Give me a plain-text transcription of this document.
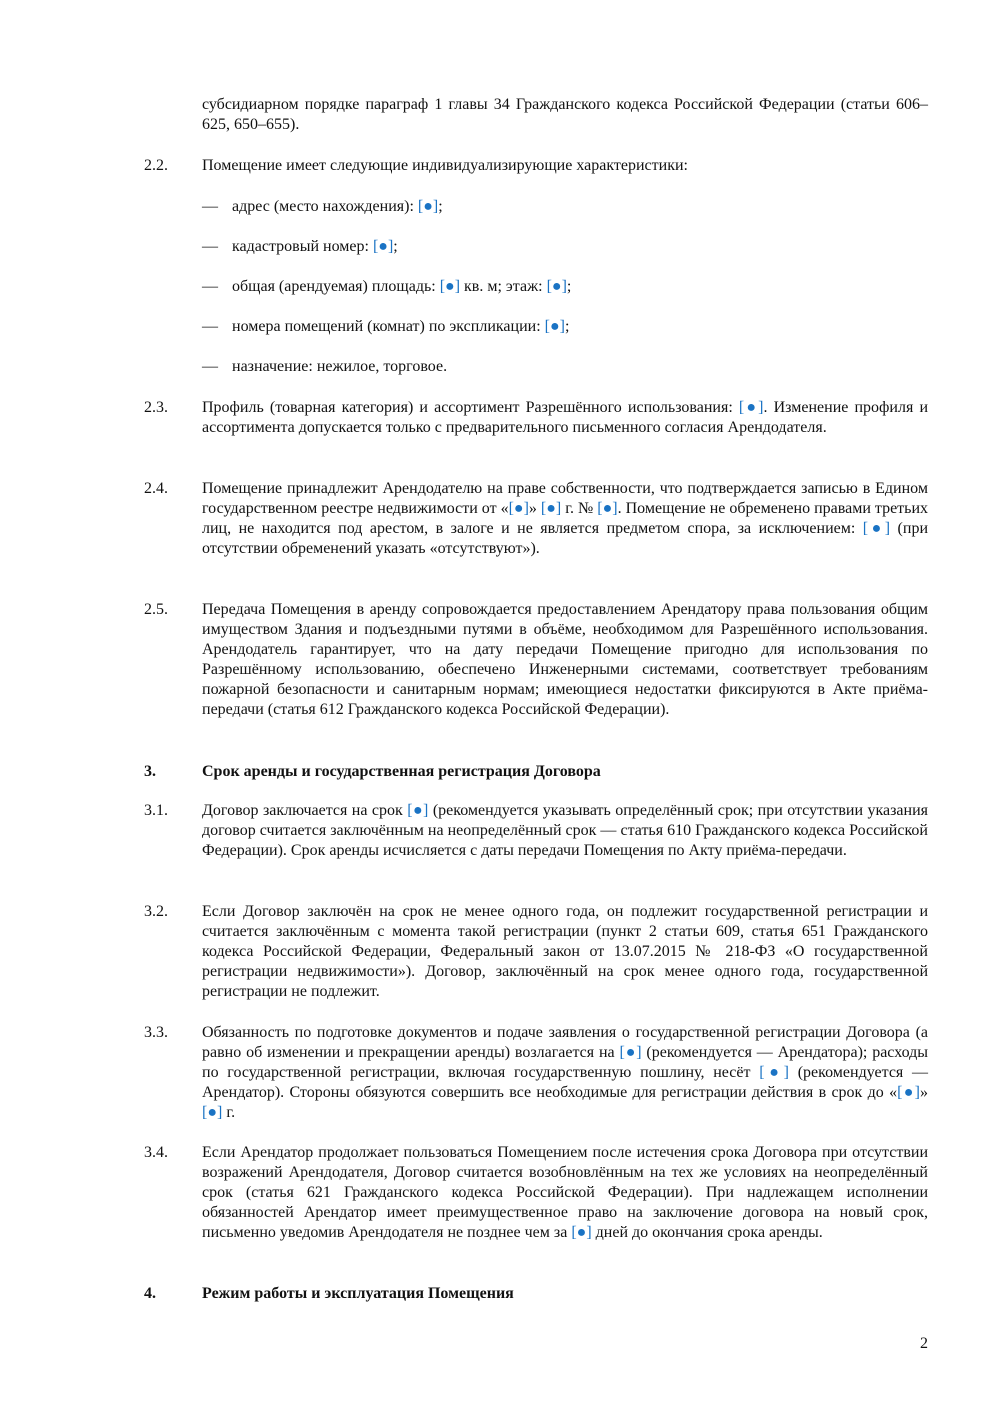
субсидиарном порядке параграф 1 главы 34 Гражданского кодекса Российской Федерации (статьи 606–625, 650–655).
2.2.	Помещение имеет следующие индивидуализирующие характеристики:
— адрес (место нахождения): [●];
— кадастровый номер: [●];
— общая (арендуемая) площадь: [●] кв. м; этаж: [●];
— номера помещений (комнат) по экспликации: [●];
— назначение: нежилое, торговое.
2.3.	Профиль (товарная категория) и ассортимент Разрешённого использования: [●]. Изменение профиля и ассортимента допускается только с предварительного письменного согласия Арендодателя.
2.4.	Помещение принадлежит Арендодателю на праве собственности, что подтверждается записью в Едином государственном реестре недвижимости от «[●]» [●] г. № [●]. Помещение не обременено правами третьих лиц, не находится под арестом, в залоге и не является предметом спора, за исключением: [●] (при отсутствии обременений указать «отсутствуют»).
2.5.	Передача Помещения в аренду сопровождается предоставлением Арендатору права пользования общим имуществом Здания и подъездными путями в объёме, необходимом для Разрешённого использования. Арендодатель гарантирует, что на дату передачи Помещение пригодно для использования по Разрешённому использованию, обеспечено Инженерными системами, соответствует требованиям пожарной безопасности и санитарным нормам; имеющиеся недостатки фиксируются в Акте приёма-передачи (статья 612 Гражданского кодекса Российской Федерации).
3.	Срок аренды и государственная регистрация Договора
3.1.	Договор заключается на срок [●] (рекомендуется указывать определённый срок; при отсутствии указания договор считается заключённым на неопределённый срок — статья 610 Гражданского кодекса Российской Федерации). Срок аренды исчисляется с даты передачи Помещения по Акту приёма-передачи.
3.2.	Если Договор заключён на срок не менее одного года, он подлежит государственной регистрации и считается заключённым с момента такой регистрации (пункт 2 статьи 609, статья 651 Гражданского кодекса Российской Федерации, Федеральный закон от 13.07.2015 № 218-ФЗ «О государственной регистрации недвижимости»). Договор, заключённый на срок менее одного года, государственной регистрации не подлежит.
3.3.	Обязанность по подготовке документов и подаче заявления о государственной регистрации Договора (а равно об изменении и прекращении аренды) возлагается на [●] (рекомендуется — Арендатора); расходы по государственной регистрации, включая государственную пошлину, несёт [●] (рекомендуется — Арендатор). Стороны обязуются совершить все необходимые для регистрации действия в срок до «[●]» [●] г.
3.4.	Если Арендатор продолжает пользоваться Помещением после истечения срока Договора при отсутствии возражений Арендодателя, Договор считается возобновлённым на тех же условиях на неопределённый срок (статья 621 Гражданского кодекса Российской Федерации). При надлежащем исполнении обязанностей Арендатор имеет преимущественное право на заключение договора на новый срок, письменно уведомив Арендодателя не позднее чем за [●] дней до окончания срока аренды.
4.	Режим работы и эксплуатация Помещения
2
